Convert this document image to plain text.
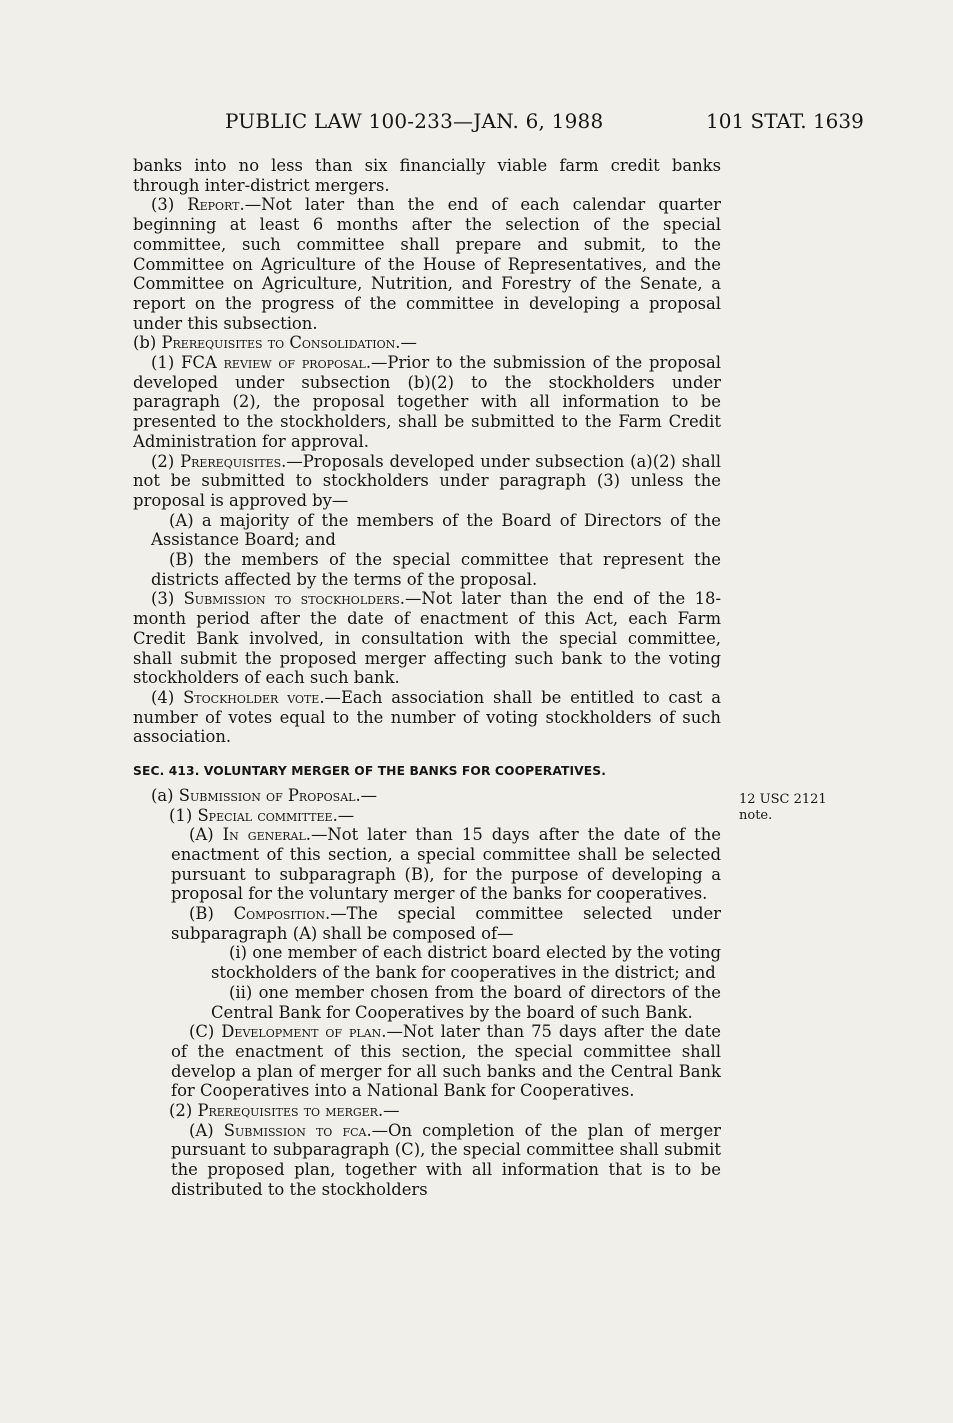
PUBLIC LAW 100-233—JAN. 6, 1988	101 STAT. 1639

banks into no less than six financially viable farm credit banks through inter-district mergers.

(3) Report.—Not later than the end of each calendar quarter beginning at least 6 months after the selection of the special committee, such committee shall prepare and submit, to the Committee on Agriculture of the House of Representatives, and the Committee on Agriculture, Nutrition, and Forestry of the Senate, a report on the progress of the committee in developing a proposal under this subsection.

(b) Prerequisites to Consolidation.—

(1) FCA review of proposal.—Prior to the submission of the proposal developed under subsection (b)(2) to the stockholders under paragraph (2), the proposal together with all information to be presented to the stockholders, shall be submitted to the Farm Credit Administration for approval.

(2) Prerequisites.—Proposals developed under subsection (a)(2) shall not be submitted to stockholders under paragraph (3) unless the proposal is approved by—

(A) a majority of the members of the Board of Directors of the Assistance Board; and

(B) the members of the special committee that represent the districts affected by the terms of the proposal.

(3) Submission to stockholders.—Not later than the end of the 18-month period after the date of enactment of this Act, each Farm Credit Bank involved, in consultation with the special committee, shall submit the proposed merger affecting such bank to the voting stockholders of each such bank.

(4) Stockholder vote.—Each association shall be entitled to cast a number of votes equal to the number of voting stockholders of such association.

SEC. 413. VOLUNTARY MERGER OF THE BANKS FOR COOPERATIVES.

(a) Submission of Proposal.—

(1) Special committee.—

(A) In general.—Not later than 15 days after the date of the enactment of this section, a special committee shall be selected pursuant to subparagraph (B), for the purpose of developing a proposal for the voluntary merger of the banks for cooperatives.

(B) Composition.—The special committee selected under subparagraph (A) shall be composed of—

(i) one member of each district board elected by the voting stockholders of the bank for cooperatives in the district; and

(ii) one member chosen from the board of directors of the Central Bank for Cooperatives by the board of such Bank.

(C) Development of plan.—Not later than 75 days after the date of the enactment of this section, the special committee shall develop a plan of merger for all such banks and the Central Bank for Cooperatives into a National Bank for Cooperatives.

(2) Prerequisites to merger.—

(A) Submission to fca.—On completion of the plan of merger pursuant to subparagraph (C), the special committee shall submit the proposed plan, together with all information that is to be distributed to the stockholders

12 USC 2121
note.
